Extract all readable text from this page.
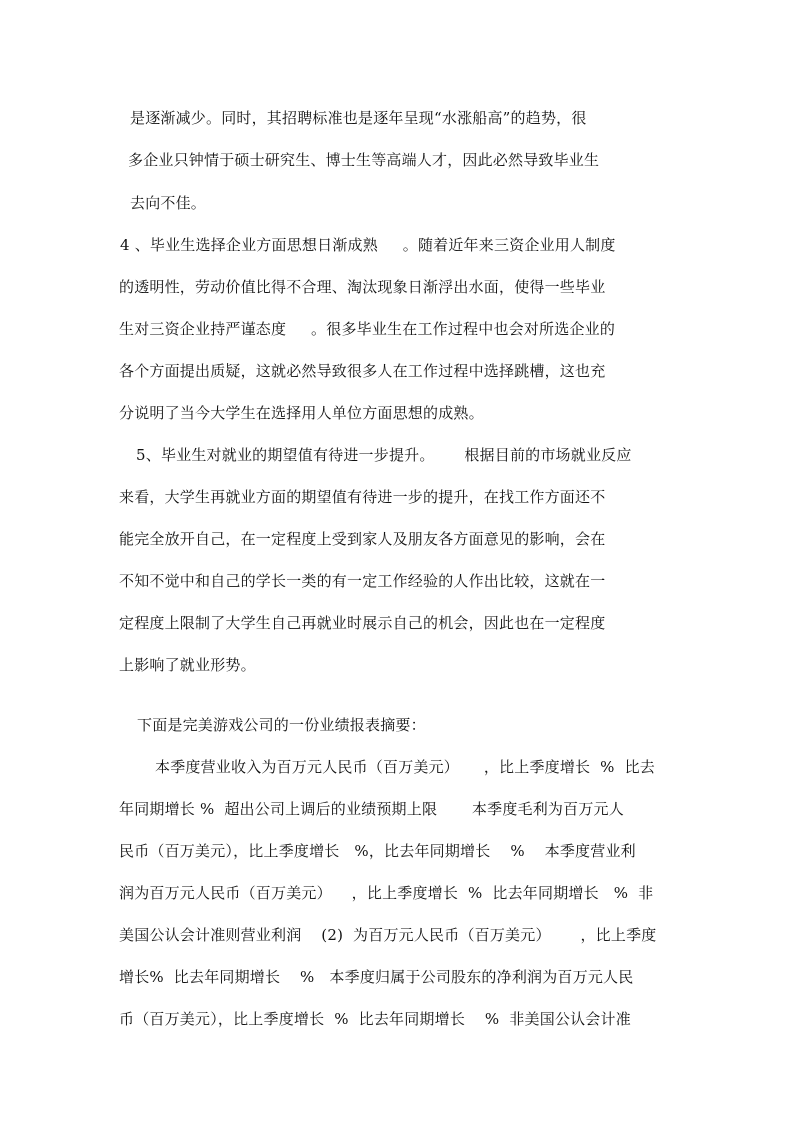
是逐渐减少。同时，其招聘标准也是逐年呈现“水涨船高”的趋势，很
多企业只钟情于硕士研究生、博士生等高端人才，因此必然导致毕业生
去向不佳。
4 、毕业生选择企业方面思想日渐成熟     。随着近年来三资企业用人制度
的透明性，劳动价值比得不合理、淘汰现象日渐浮出水面，使得一些毕业
生对三资企业持严谨态度     。很多毕业生在工作过程中也会对所选企业的
各个方面提出质疑，这就必然导致很多人在工作过程中选择跳槽，这也充
分说明了当今大学生在选择用人单位方面思想的成熟。
5、毕业生对就业的期望值有待进一步提升。      根据目前的市场就业反应
来看，大学生再就业方面的期望值有待进一步的提升，在找工作方面还不
能完全放开自己，在一定程度上受到家人及朋友各方面意见的影响，会在
不知不觉中和自己的学长一类的有一定工作经验的人作出比较，这就在一
定程度上限制了大学生自己再就业时展示自己的机会，因此也在一定程度
上影响了就业形势。
下面是完美游戏公司的一份业绩报表摘要：
本季度营业收入为百万元人民币（百万美元）     ，比上季度增长  %  比去
年同期增长 %  超出公司上调后的业绩预期上限       本季度毛利为百万元人
民币（百万美元），比上季度增长   %，比去年同期增长    %    本季度营业利
润为百万元人民币（百万美元）    ，比上季度增长  %  比去年同期增长   %  非
美国公认会计准则营业利润    (2)  为百万元人民币（百万美元）      ，比上季度
增长%  比去年同期增长    %   本季度归属于公司股东的净利润为百万元人民
币（百万美元），比上季度增长  %  比去年同期增长    %  非美国公认会计准
